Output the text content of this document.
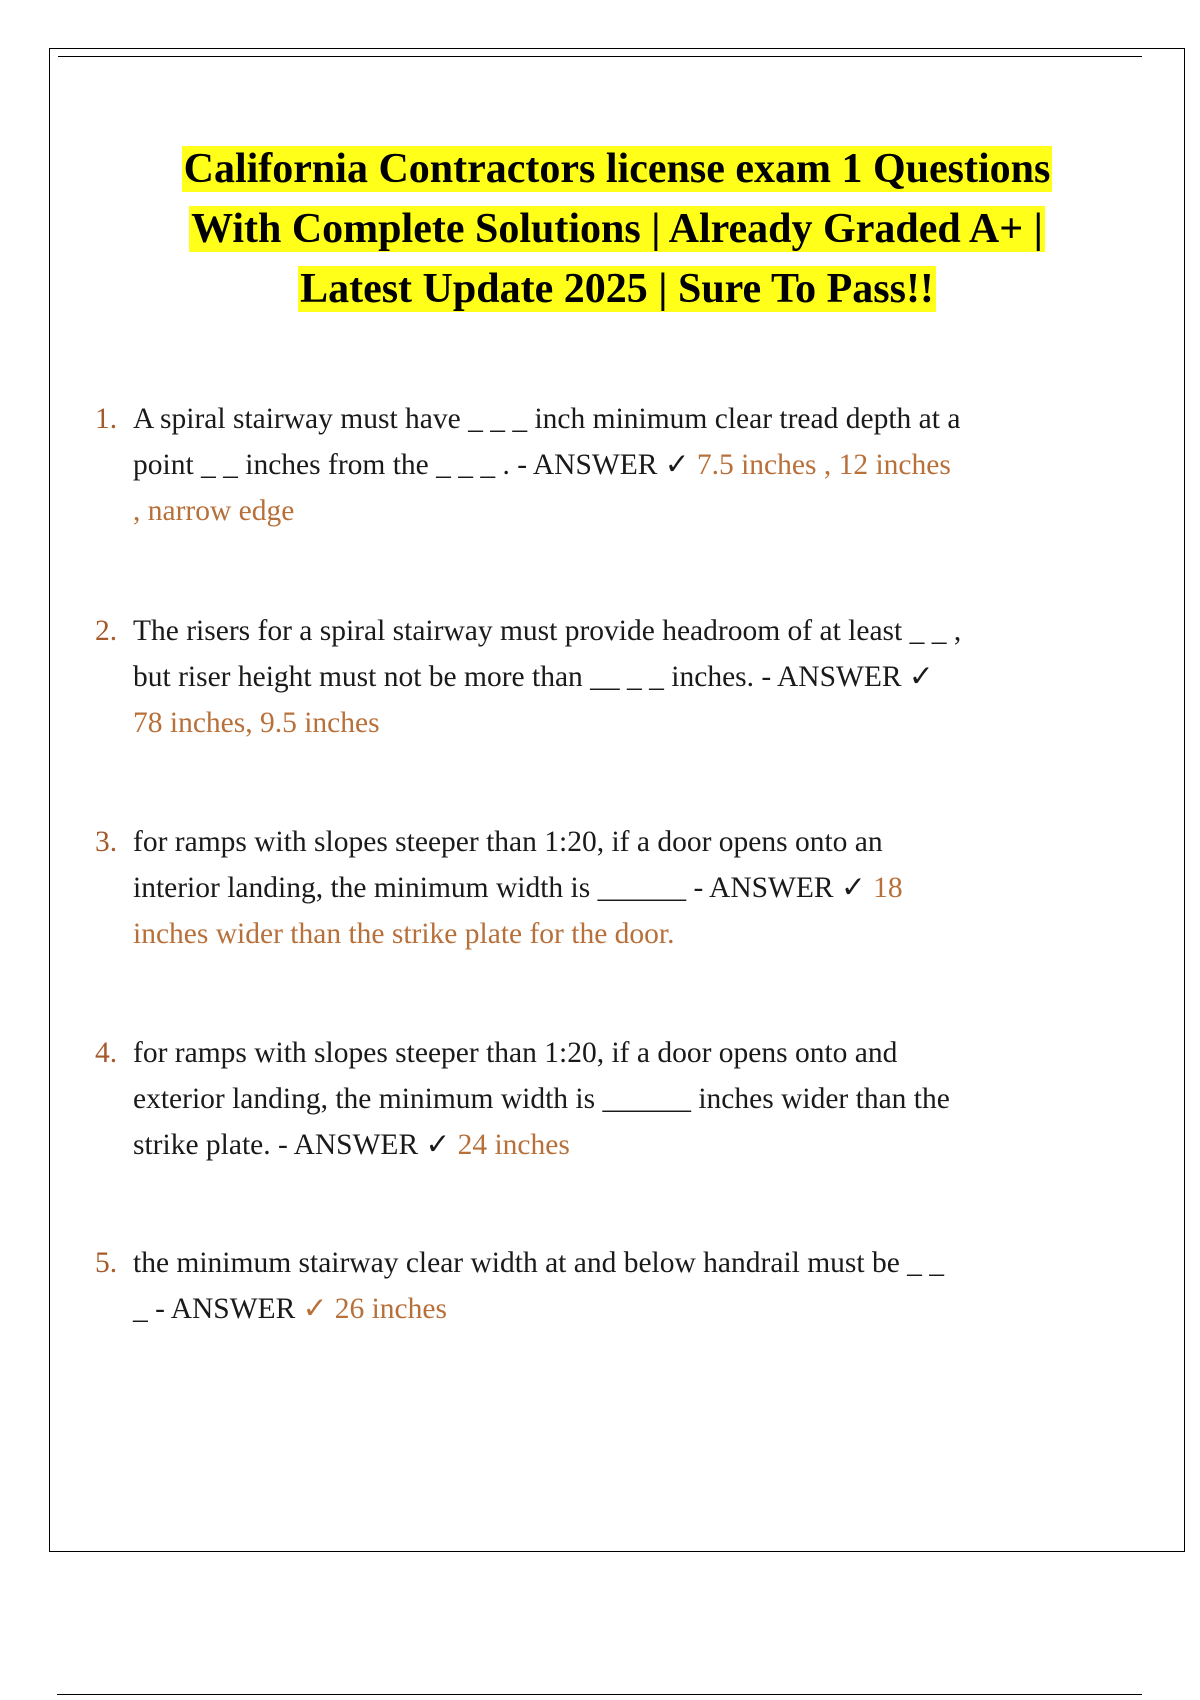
California Contractors license exam 1 Questions
With Complete Solutions | Already Graded A+ |
Latest Update 2025 | Sure To Pass!!
1. A spiral stairway must have _ _ _ inch minimum clear tread depth at a
point _ _ inches from the _ _ _ . - ANSWER ✓ 7.5 inches , 12 inches
, narrow edge
2. The risers for a spiral stairway must provide headroom of at least _ _ ,
but riser height must not be more than __ _ _ inches. - ANSWER ✓
78 inches, 9.5 inches
3. for ramps with slopes steeper than 1:20, if a door opens onto an
interior landing, the minimum width is ______ - ANSWER ✓ 18
inches wider than the strike plate for the door.
4. for ramps with slopes steeper than 1:20, if a door opens onto and
exterior landing, the minimum width is ______ inches wider than the
strike plate. - ANSWER ✓ 24 inches
5. the minimum stairway clear width at and below handrail must be _ _
_ - ANSWER ✓ 26 inches
